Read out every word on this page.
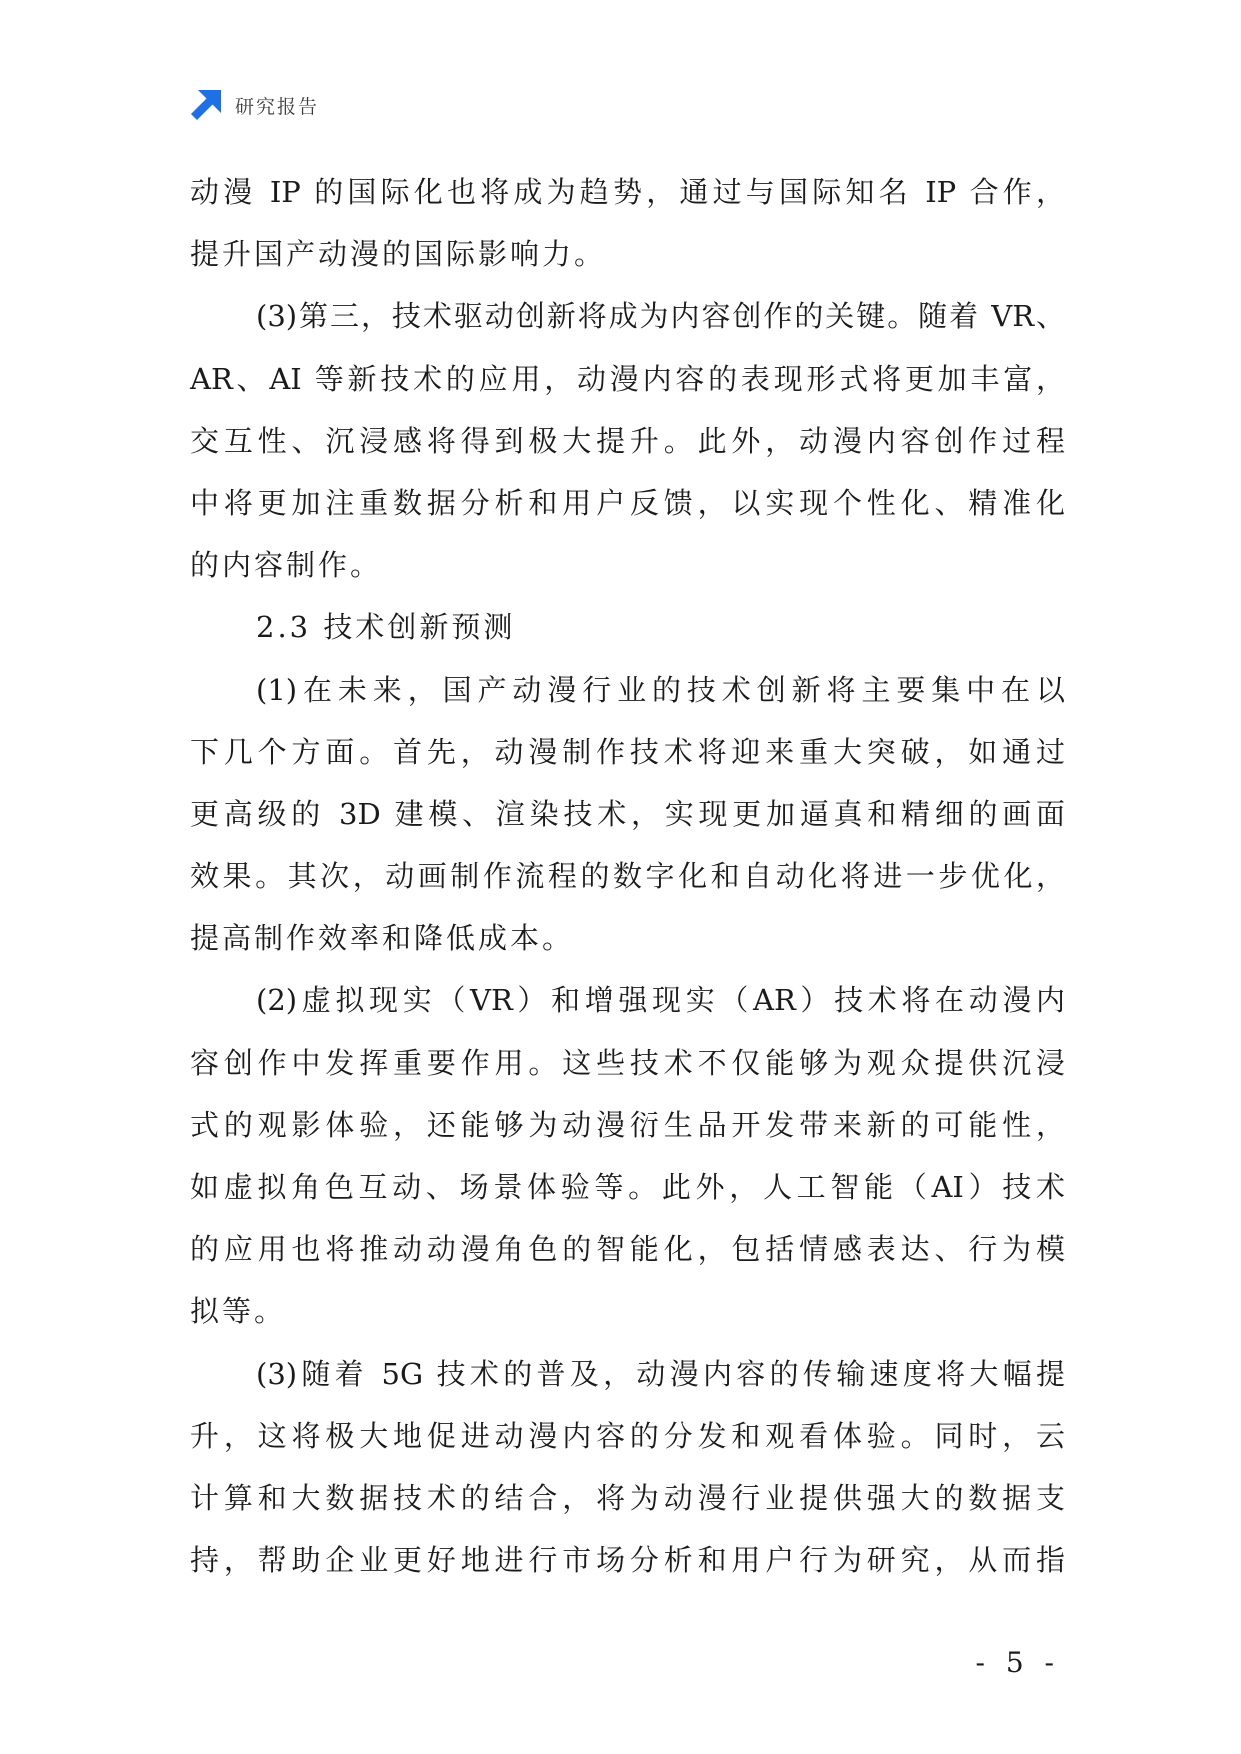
研究报告
动漫 IP 的国际化也将成为趋势，通过与国际知名 IP 合作，
提升国产动漫的国际影响力。
(3)第三，技术驱动创新将成为内容创作的关键。随着 VR、
AR、AI 等新技术的应用，动漫内容的表现形式将更加丰富，
交互性、沉浸感将得到极大提升。此外，动漫内容创作过程
中将更加注重数据分析和用户反馈，以实现个性化、精准化
的内容制作。
2.3 技术创新预测
(1)在未来，国产动漫行业的技术创新将主要集中在以
下几个方面。首先，动漫制作技术将迎来重大突破，如通过
更高级的 3D 建模、渲染技术，实现更加逼真和精细的画面
效果。其次，动画制作流程的数字化和自动化将进一步优化，
提高制作效率和降低成本。
(2)虚拟现实（VR）和增强现实（AR）技术将在动漫内
容创作中发挥重要作用。这些技术不仅能够为观众提供沉浸
式的观影体验，还能够为动漫衍生品开发带来新的可能性，
如虚拟角色互动、场景体验等。此外，人工智能（AI）技术
的应用也将推动动漫角色的智能化，包括情感表达、行为模
拟等。
(3)随着 5G 技术的普及，动漫内容的传输速度将大幅提
升，这将极大地促进动漫内容的分发和观看体验。同时，云
计算和大数据技术的结合，将为动漫行业提供强大的数据支
持，帮助企业更好地进行市场分析和用户行为研究，从而指
- 5 -
